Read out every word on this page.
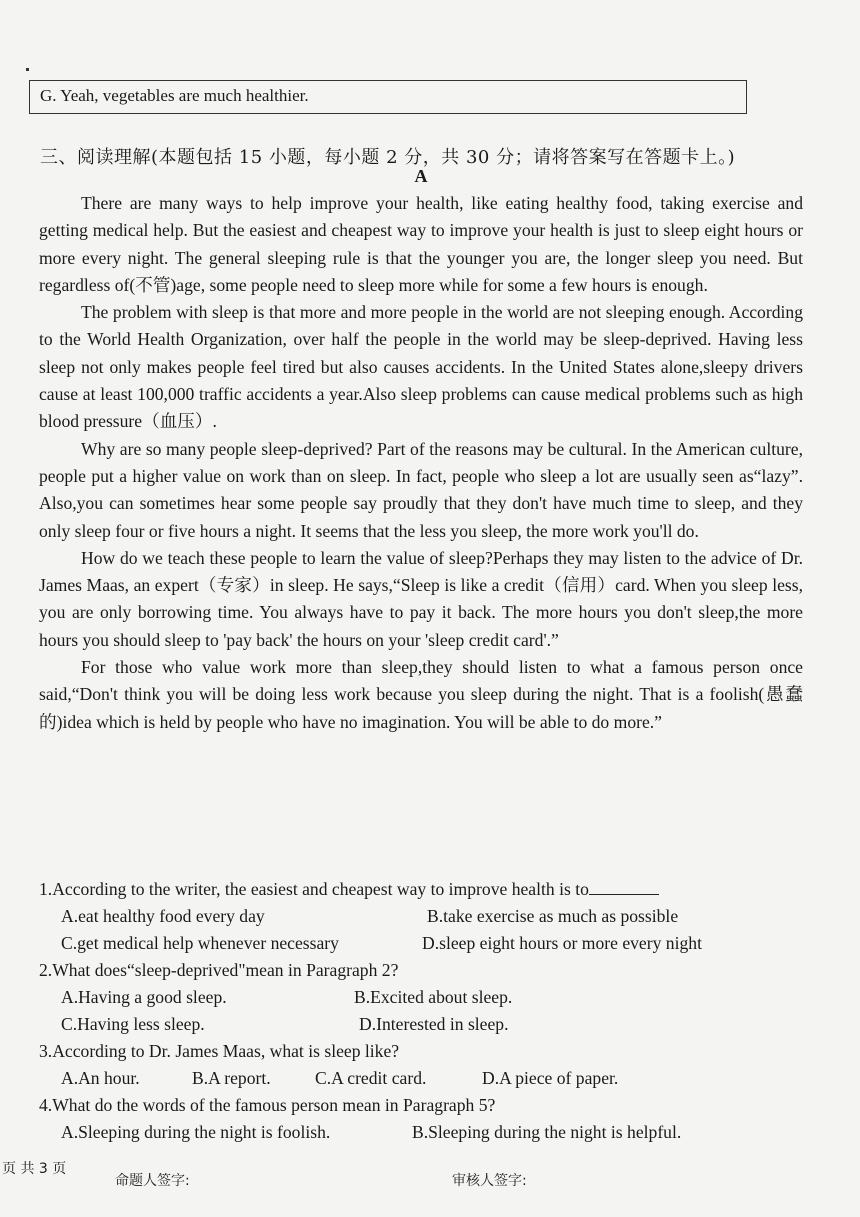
G. Yeah, vegetables are much healthier.
三、阅读理解(本题包括 15 小题，每小题 2 分，共 30 分；请将答案写在答题卡上。)
A

There are many ways to help improve your health, like eating healthy food, taking exercise and getting medical help. But the easiest and cheapest way to improve your health is just to sleep eight hours or more every night. The general sleeping rule is that the younger you are, the longer sleep you need. But regardless of(不管)age, some people need to sleep more while for some a few hours is enough.

The problem with sleep is that more and more people in the world are not sleeping enough. According to the World Health Organization, over half the people in the world may be sleep-deprived. Having less sleep not only makes people feel tired but also causes accidents. In the United States alone,sleepy drivers cause at least 100,000 traffic accidents a year.Also sleep problems can cause medical problems such as high blood pressure（血压）.

Why are so many people sleep-deprived? Part of the reasons may be cultural. In the American culture, people put a higher value on work than on sleep. In fact, people who sleep a lot are usually seen as“lazy”. Also,you can sometimes hear some people say proudly that they don't have much time to sleep, and they only sleep four or five hours a night. It seems that the less you sleep, the more work you'll do.

How do we teach these people to learn the value of sleep?Perhaps they may listen to the advice of Dr. James Maas, an expert（专家）in sleep. He says,“Sleep is like a credit（信用）card. When you sleep less, you are only borrowing time. You always have to pay it back. The more hours you don't sleep,the more hours you should sleep to 'pay back' the hours on your 'sleep credit card'.”

For those who value work more than sleep,they should listen to what a famous person once said,“Don't think you will be doing less work because you sleep during the night. That is a foolish(愚蠢的)idea which is held by people who have no imagination. You will be able to do more.”

1.According to the writer, the easiest and cheapest way to improve health is to
A.eat healthy food every day	B.take exercise as much as possible
C.get medical help whenever necessary	D.sleep eight hours or more every night
2.What does“sleep-deprived"mean in Paragraph 2?
A.Having a good sleep.	B.Excited about sleep.
C.Having less sleep.	D.Interested in sleep.
3.According to Dr. James Maas, what is sleep like?
A.An hour.	B.A report.	C.A credit card.	D.A piece of paper.
4.What do the words of the famous person mean in Paragraph 5?
A.Sleeping during the night is foolish.	B.Sleeping during the night is helpful.
页 共 3 页
命题人签字:	审核人签字:
